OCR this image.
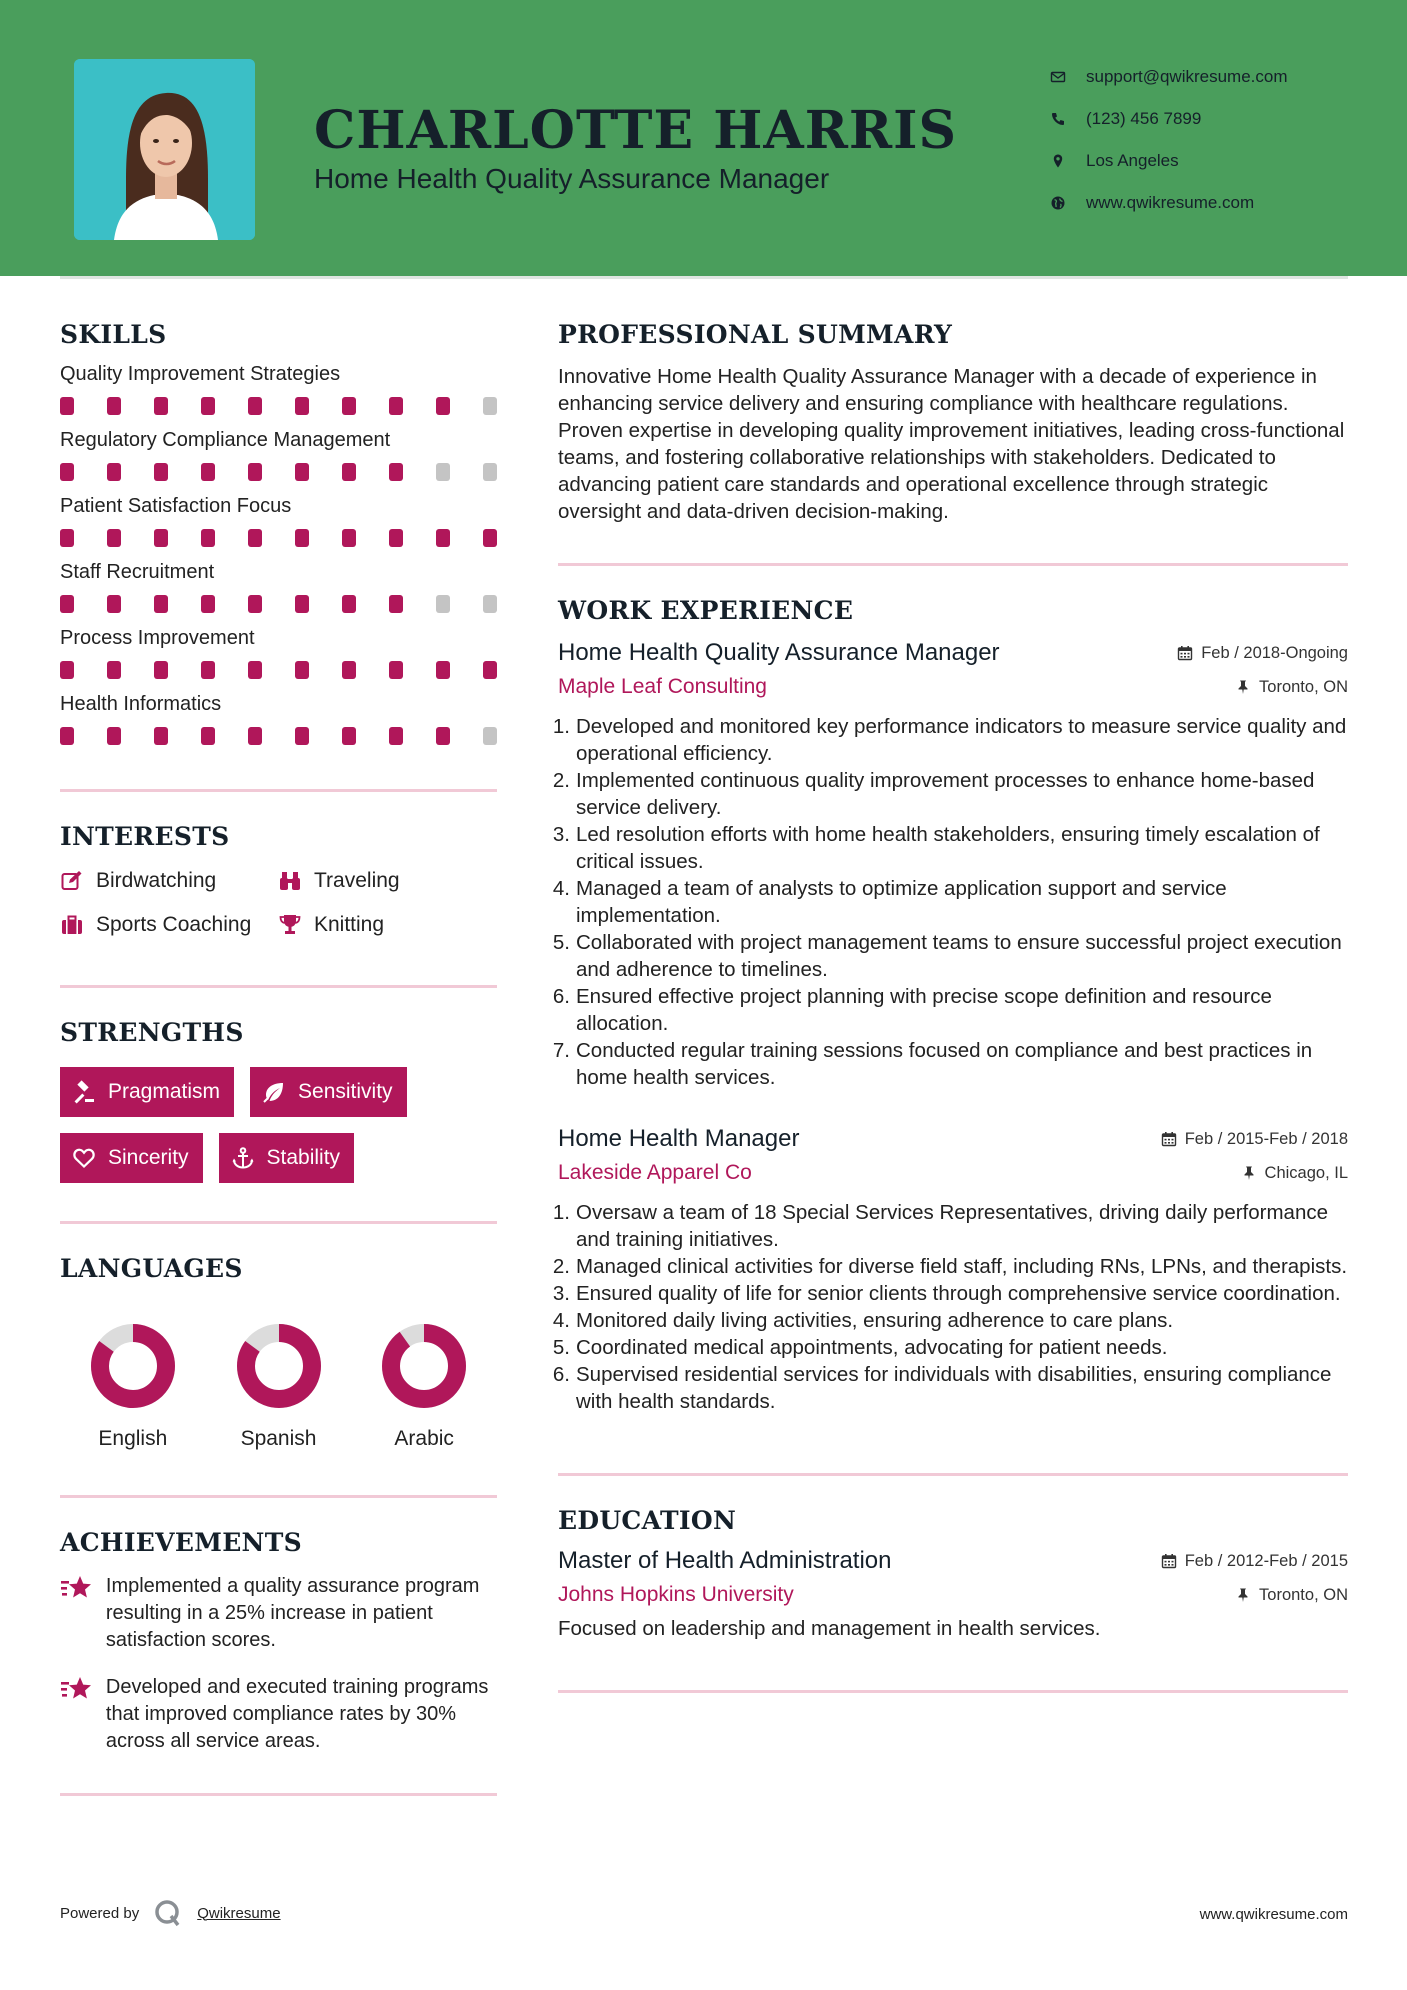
CHARLOTTE HARRIS
Home Health Quality Assurance Manager
support@qwikresume.com
(123) 456 7899
Los Angeles
www.qwikresume.com
SKILLS
Quality Improvement Strategies
Regulatory Compliance Management
Patient Satisfaction Focus
Staff Recruitment
Process Improvement
Health Informatics
INTERESTS
Birdwatching	Traveling
Sports Coaching	Knitting
STRENGTHS
Pragmatism	Sensitivity
Sincerity	Stability
LANGUAGES
English	Spanish	Arabic
ACHIEVEMENTS
Implemented a quality assurance program resulting in a 25% increase in patient satisfaction scores.
Developed and executed training programs that improved compliance rates by 30% across all service areas.
PROFESSIONAL SUMMARY
Innovative Home Health Quality Assurance Manager with a decade of experience in enhancing service delivery and ensuring compliance with healthcare regulations. Proven expertise in developing quality improvement initiatives, leading cross-functional teams, and fostering collaborative relationships with stakeholders. Dedicated to advancing patient care standards and operational excellence through strategic oversight and data-driven decision-making.
WORK EXPERIENCE
Home Health Quality Assurance Manager	Feb / 2018-Ongoing
Maple Leaf Consulting	Toronto, ON
1. Developed and monitored key performance indicators to measure service quality and operational efficiency.
2. Implemented continuous quality improvement processes to enhance home-based service delivery.
3. Led resolution efforts with home health stakeholders, ensuring timely escalation of critical issues.
4. Managed a team of analysts to optimize application support and service implementation.
5. Collaborated with project management teams to ensure successful project execution and adherence to timelines.
6. Ensured effective project planning with precise scope definition and resource allocation.
7. Conducted regular training sessions focused on compliance and best practices in home health services.
Home Health Manager	Feb / 2015-Feb / 2018
Lakeside Apparel Co	Chicago, IL
1. Oversaw a team of 18 Special Services Representatives, driving daily performance and training initiatives.
2. Managed clinical activities for diverse field staff, including RNs, LPNs, and therapists.
3. Ensured quality of life for senior clients through comprehensive service coordination.
4. Monitored daily living activities, ensuring adherence to care plans.
5. Coordinated medical appointments, advocating for patient needs.
6. Supervised residential services for individuals with disabilities, ensuring compliance with health standards.
EDUCATION
Master of Health Administration	Feb / 2012-Feb / 2015
Johns Hopkins University	Toronto, ON
Focused on leadership and management in health services.
Powered by	Qwikresume	www.qwikresume.com
